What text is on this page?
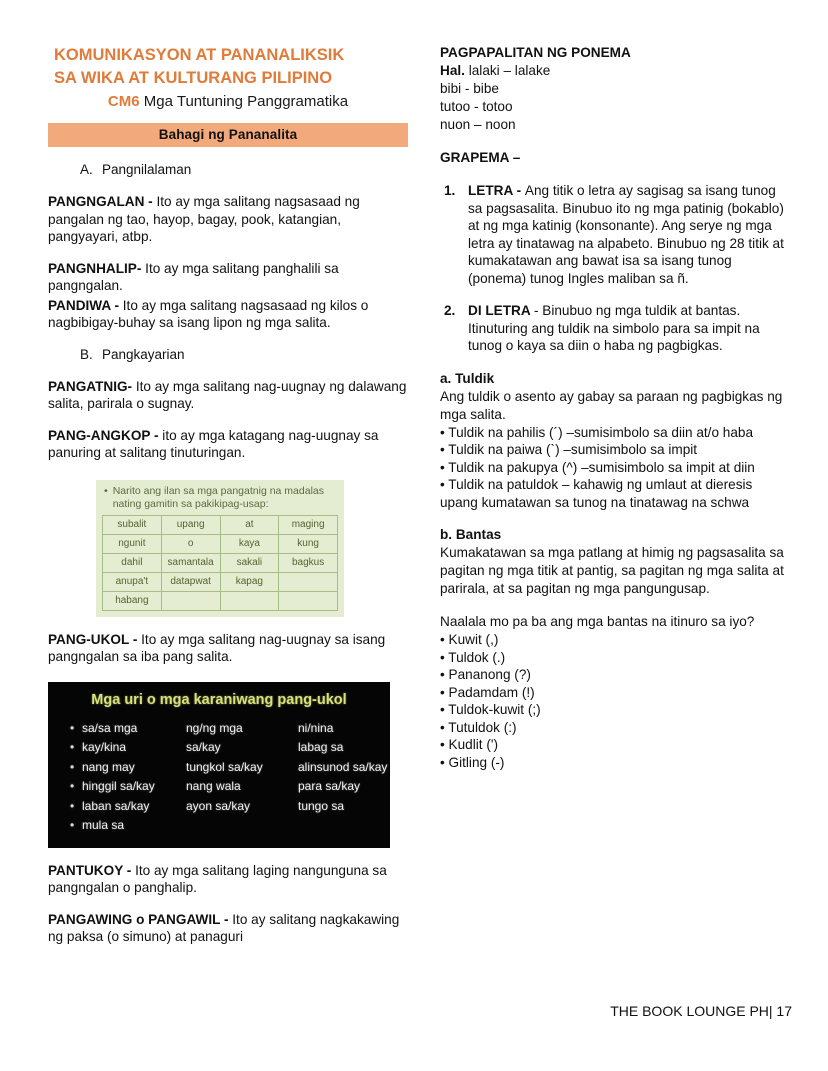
KOMUNIKASYON AT PANANALIKSIK
SA WIKA AT KULTURANG PILIPINO
CM6 Mga Tuntuning Panggramatika
Bahagi ng Pananalita
A. Pangnilalaman
PANGNGALAN - Ito ay mga salitang nagsasaad ng pangalan ng tao, hayop, bagay, pook, katangian, pangyayari, atbp.
PANGNHALIP- Ito ay mga salitang panghalili sa pangngalan.
PANDIWA - Ito ay mga salitang nagsasaad ng kilos o nagbibigay-buhay sa isang lipon ng mga salita.
B. Pangkayarian
PANGATNIG- Ito ay mga salitang nag-uugnay ng dalawang salita, parirala o sugnay.
PANG-ANGKOP - ito ay mga katagang nag-uugnay sa panuring at salitang tinuturingan.
• Narito ang ilan sa mga pangatnig na madalas nating gamitin sa pakikipag-usap:
subalit	upang	at	maging
ngunit	o	kaya	kung
dahil	samantala	sakali	bagkus
anupa't	datapwat	kapag	
habang			
PANG-UKOL - Ito ay mga salitang nag-uugnay sa isang pangngalan sa iba pang salita.
Mga uri o mga karaniwang pang-ukol
• sa/sa mga	ng/ng mga	ni/nina
• kay/kina	sa/kay	labag sa
• nang may	tungkol sa/kay	alinsunod sa/kay
• hinggil sa/kay	nang wala	para sa/kay
• laban sa/kay	ayon sa/kay	tungo sa
• mula sa
PANTUKOY - Ito ay mga salitang laging nangunguna sa pangngalan o panghalip.
PANGAWING o PANGAWIL - Ito ay salitang nagkakawing ng paksa (o simuno) at panaguri
PAGPAPALITAN NG PONEMA
Hal. lalaki – lalake
bibi - bibe
tutoo - totoo
nuon – noon
GRAPEMA –
1. LETRA - Ang titik o letra ay sagisag sa isang tunog sa pagsasalita. Binubuo ito ng mga patinig (bokablo) at ng mga katinig (konsonante). Ang serye ng mga letra ay tinatawag na alpabeto. Binubuo ng 28 titik at kumakatawan ang bawat isa sa isang tunog (ponema) tunog Ingles maliban sa ñ.
2. DI LETRA - Binubuo ng mga tuldik at bantas. Itinuturing ang tuldik na simbolo para sa impit na tunog o kaya sa diin o haba ng pagbigkas.
a. Tuldik
Ang tuldik o asento ay gabay sa paraan ng pagbigkas ng mga salita.
• Tuldik na pahilis (´) –sumisimbolo sa diin at/o haba
• Tuldik na paiwa (`) –sumisimbolo sa impit
• Tuldik na pakupya (^) –sumisimbolo sa impit at diin
• Tuldik na patuldok – kahawig ng umlaut at dieresis upang kumatawan sa tunog na tinatawag na schwa
b. Bantas
Kumakatawan sa mga patlang at himig ng pagsasalita sa pagitan ng mga titik at pantig, sa pagitan ng mga salita at parirala, at sa pagitan ng mga pangungusap.
Naalala mo pa ba ang mga bantas na itinuro sa iyo?
• Kuwit (,)
• Tuldok (.)
• Pananong (?)
• Padamdam (!)
• Tuldok-kuwit (;)
• Tutuldok (:)
• Kudlit (')
• Gitling (-)
THE BOOK LOUNGE PH| 17
